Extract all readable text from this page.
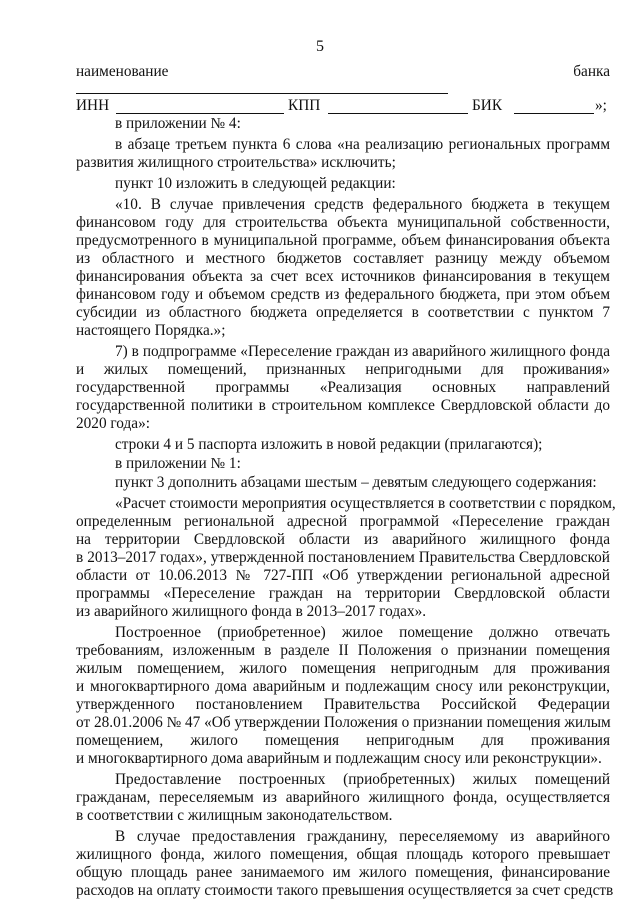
5
наименование	банка
ИНН	КПП	БИК	»;
в приложении № 4:
в абзаце третьем пункта 6 слова «на реализацию региональных программ
развития жилищного строительства» исключить;
пункт 10 изложить в следующей редакции:
«10. В случае привлечения средств федерального бюджета в текущем
финансовом году для строительства объекта муниципальной собственности,
предусмотренного в муниципальной программе, объем финансирования объекта
из областного и местного бюджетов составляет разницу между объемом
финансирования объекта за счет всех источников финансирования в текущем
финансовом году и объемом средств из федерального бюджета, при этом объем
субсидии из областного бюджета определяется в соответствии с пунктом 7
настоящего Порядка.»;
7) в подпрограмме «Переселение граждан из аварийного жилищного фонда
и жилых помещений, признанных непригодными для проживания»
государственной программы «Реализация основных направлений
государственной политики в строительном комплексе Свердловской области до
2020 года»:
строки 4 и 5 паспорта изложить в новой редакции (прилагаются);
в приложении № 1:
пункт 3 дополнить абзацами шестым – девятым следующего содержания:
«Расчет стоимости мероприятия осуществляется в соответствии с порядком,
определенным региональной адресной программой «Переселение граждан
на территории Свердловской области из аварийного жилищного фонда
в 2013–2017 годах», утвержденной постановлением Правительства Свердловской
области от 10.06.2013 № 727-ПП «Об утверждении региональной адресной
программы «Переселение граждан на территории Свердловской области
из аварийного жилищного фонда в 2013–2017 годах».
Построенное (приобретенное) жилое помещение должно отвечать
требованиям, изложенным в разделе II Положения о признании помещения
жилым помещением, жилого помещения непригодным для проживания
и многоквартирного дома аварийным и подлежащим сносу или реконструкции,
утвержденного постановлением Правительства Российской Федерации
от 28.01.2006 № 47 «Об утверждении Положения о признании помещения жилым
помещением, жилого помещения непригодным для проживания
и многоквартирного дома аварийным и подлежащим сносу или реконструкции».
Предоставление построенных (приобретенных) жилых помещений
гражданам, переселяемым из аварийного жилищного фонда, осуществляется
в соответствии с жилищным законодательством.
В случае предоставления гражданину, переселяемому из аварийного
жилищного фонда, жилого помещения, общая площадь которого превышает
общую площадь ранее занимаемого им жилого помещения, финансирование
расходов на оплату стоимости такого превышения осуществляется за счет средств
